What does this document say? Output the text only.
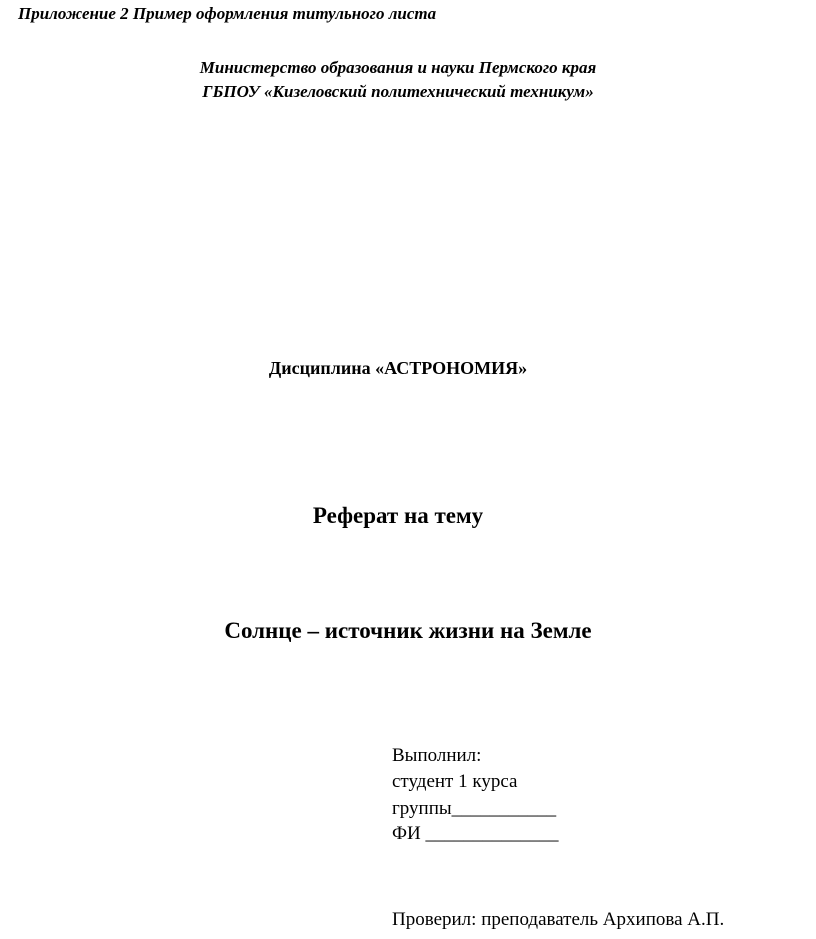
Приложение 2 Пример оформления титульного листа

Министерство образования и науки Пермского края

ГБПОУ «Кизеловский политехнический техникум»

Дисциплина «АСТРОНОМИЯ»

Реферат на тему

Солнце – источник жизни на Земле

Выполнил:

студент 1 курса

группы___________

ФИ ______________

Проверил: преподаватель Архипова А.П.
